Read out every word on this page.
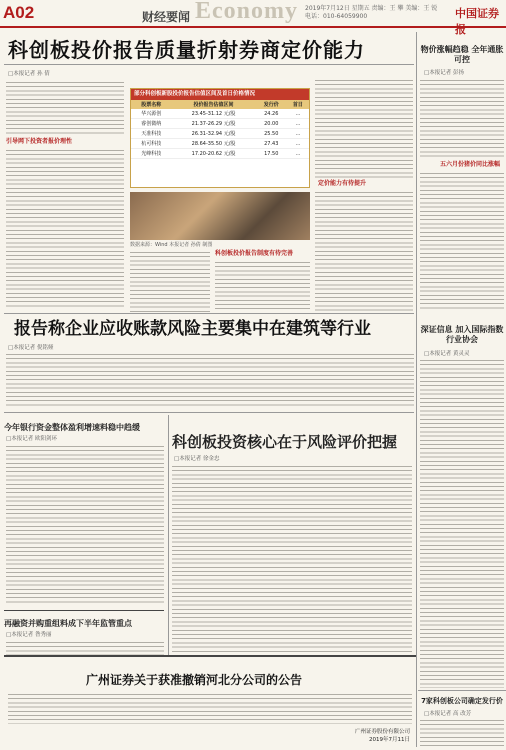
A02	Economy
财经要闻
2019年7月12日 星期五 责编：王 攀 美编：王 锐 电话：010-64059900	中国证券报
科创板投价报告质量折射券商定价能力
□本报记者 孙 倩
引导网下投资者报价理性
部分科创板新股投价报告估值区间及首日价格情况
股票名称	投价报告估值区间	发行价	首日
华兴源创	23.45-31.12 元/股	24.26	…
睿创微纳	21.37-26.29 元/股	20.00	…
天准科技	26.31-32.94 元/股	25.50	…
杭可科技	28.64-35.50 元/股	27.43	…
光峰科技	17.20-20.62 元/股	17.50	…
数据来源：Wind 本报记者 孙倩 制图
科创板投价报告制度有待完善
定价能力有待提升
物价涨幅趋稳 全年通胀可控
□本报记者 彭扬
五六月份猪价同比涨幅
报告称企业应收账款风险主要集中在建筑等行业
□本报记者 倪铭娅
深证信息 加入国际指数行业协会
□本报记者 黄灵灵
今年银行资金整体盈利增速料稳中趋缓
□本报记者 欧阳剑环	科创板投资核心在于风险评价把握
□本报记者 徐金忠
再融资并购重组料成下半年监管重点
□本报记者 昝秀丽
广州证券关于获准撤销河北分公司的公告
广州证券股份有限公司
2019年7月11日
7家科创板公司确定发行价
□本报记者 高 改芳
